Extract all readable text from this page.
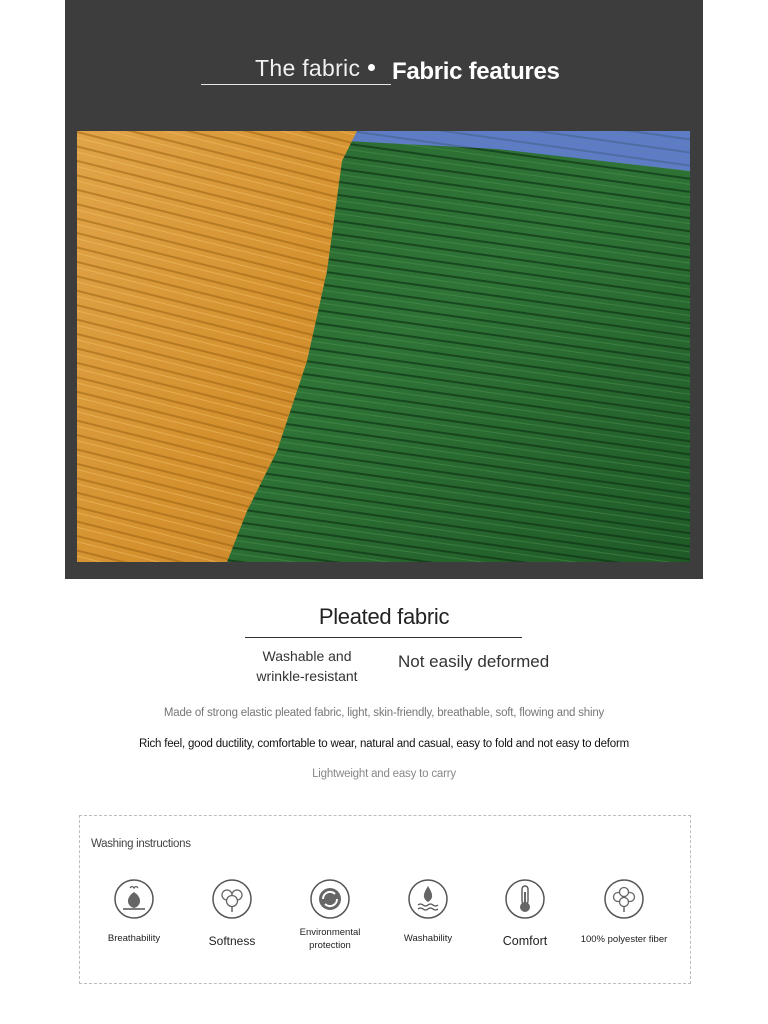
The fabric Fabric features
Pleated fabric
Washable and
wrinkle-resistant
Not easily deformed
Made of strong elastic pleated fabric, light, skin-friendly, breathable, soft, flowing and shiny
Rich feel, good ductility, comfortable to wear, natural and casual, easy to fold and not easy to deform
Lightweight and easy to carry
Washing instructions
Breathability	Softness
Environmental
protection
Washability	Comfort	100% polyester fiber
